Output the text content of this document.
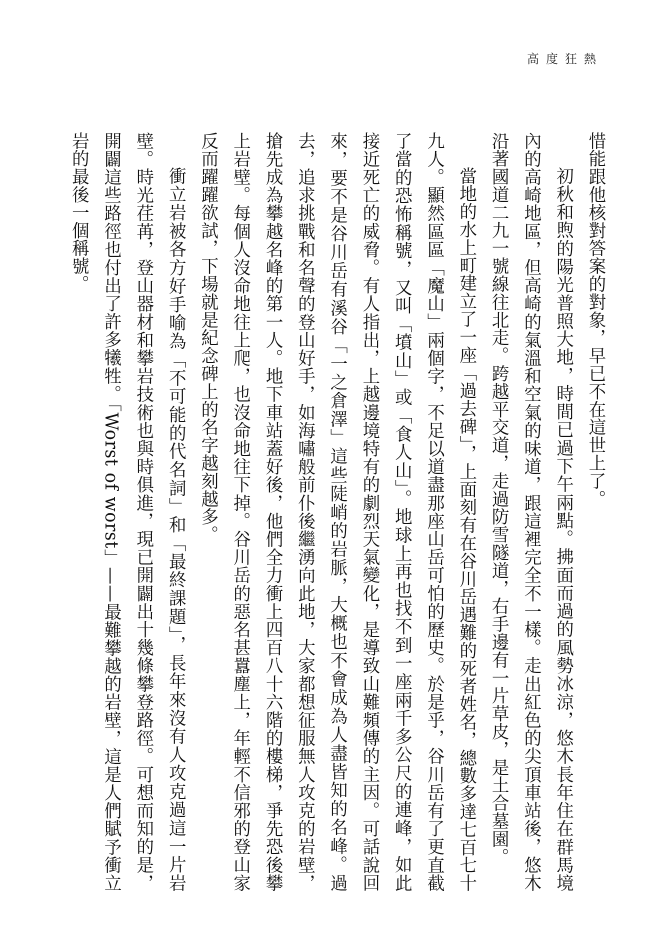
高度狂熱

惜能跟他核對答案的對象，早已不在這世上了。

初秋和煦的陽光普照大地，時間已過下午兩點。拂面而過的風勢冰涼，悠木長年住在群馬境內的高崎地區，但高崎的氣溫和空氣的味道，跟這裡完全不一樣。走出紅色的尖頂車站後，悠木沿著國道二九一號線往北走。跨越平交道，走過防雪隧道，右手邊有一片草皮，是土合墓園。

當地的水上町建立了一座「過去碑」，上面刻有在谷川岳遇難的死者姓名，總數多達七百七十九人。顯然區區「魔山」兩個字，不足以道盡那座山岳可怕的歷史。於是乎，谷川岳有了更直截了當的恐怖稱號，又叫「墳山」或「食人山」。地球上再也找不到一座兩千多公尺的連峰，如此接近死亡的威脅。有人指出，上越邊境特有的劇烈天氣變化，是導致山難頻傳的主因。可話說回來，要不是谷川岳有溪谷「一之倉澤」這些陡峭的岩脈，大概也不會成為人盡皆知的名峰。過去，追求挑戰和名聲的登山好手，如海嘯般前仆後繼湧向此地，大家都想征服無人攻克的岩壁，搶先成為攀越名峰的第一人。地下車站蓋好後，他們全力衝上四百八十六階的樓梯，爭先恐後攀上岩壁。每個人沒命地往上爬，也沒命地往下掉。谷川岳的惡名甚囂塵上，年輕不信邪的登山家反而躍躍欲試，下場就是紀念碑上的名字越刻越多。

衝立岩被各方好手喻為「不可能的代名詞」和「最終課題」，長年來沒有人攻克過這一片岩壁。時光荏苒，登山器材和攀岩技術也與時俱進，現已開闢出十幾條攀登路徑。可想而知的是，開闢這些路徑也付出了許多犧牲。「Worst of worst」——最難攀越的岩壁，這是人們賦予衝立岩的最後一個稱號。
